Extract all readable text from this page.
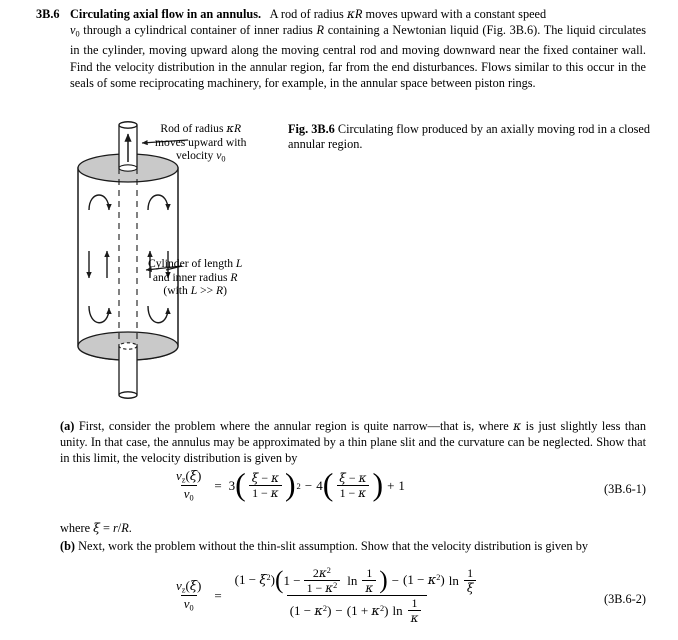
3B.6 Circulating axial flow in an annulus.   A rod of radius κR moves upward with a constant speed

$v_0$ through a cylindrical container of inner radius R containing a Newtonian liquid (Fig. 3B.6). The liquid circulates in the cylinder, moving upward along the moving central rod and moving downward near the fixed container wall. Find the velocity distribution in the annular region, far from the end disturbances. Flows similar to this occur in the seals of some reciprocating machinery, for example, in the annular space between piston rings.

Rod of radius κR
moves upward with
velocity $v_0$
Cylinder of length L
and inner radius R
(with L >> R)
Fig. 3B.6 Circulating flow produced by an axially moving rod in a closed annular region.
(a) First, consider the problem where the annular region is quite narrow—that is, where κ is just slightly less than unity. In that case, the annulus may be approximated by a thin plane slit and the curvature can be neglected. Show that in this limit, the velocity distribution is given by
$\frac{v_z(\xi)}{v_0} = 3$ ( $\frac{\xi - \kappa}{1 - \kappa}$ ) 2 − 4 ( $\frac{\xi - \kappa}{1 - \kappa}$ ) + 1	(3B.6-1)
where ξ = r/R.
(b) Next, work the problem without the thin-slit assumption. Show that the velocity distribution is given by
$\frac{v_z(\xi)}{v_0}$ =
$(1 - \xi^2)$ ( $1 - \frac{2\kappa^2}{1 - \kappa^2}$ $\ln \frac{1}{\kappa}$ ) − $(1 - \kappa^2)$ $\ln \frac{1}{\xi}$
$(1 - \kappa^2) - (1 + \kappa^2)$ $\ln \frac{1}{\kappa}$	(3B.6-2)
